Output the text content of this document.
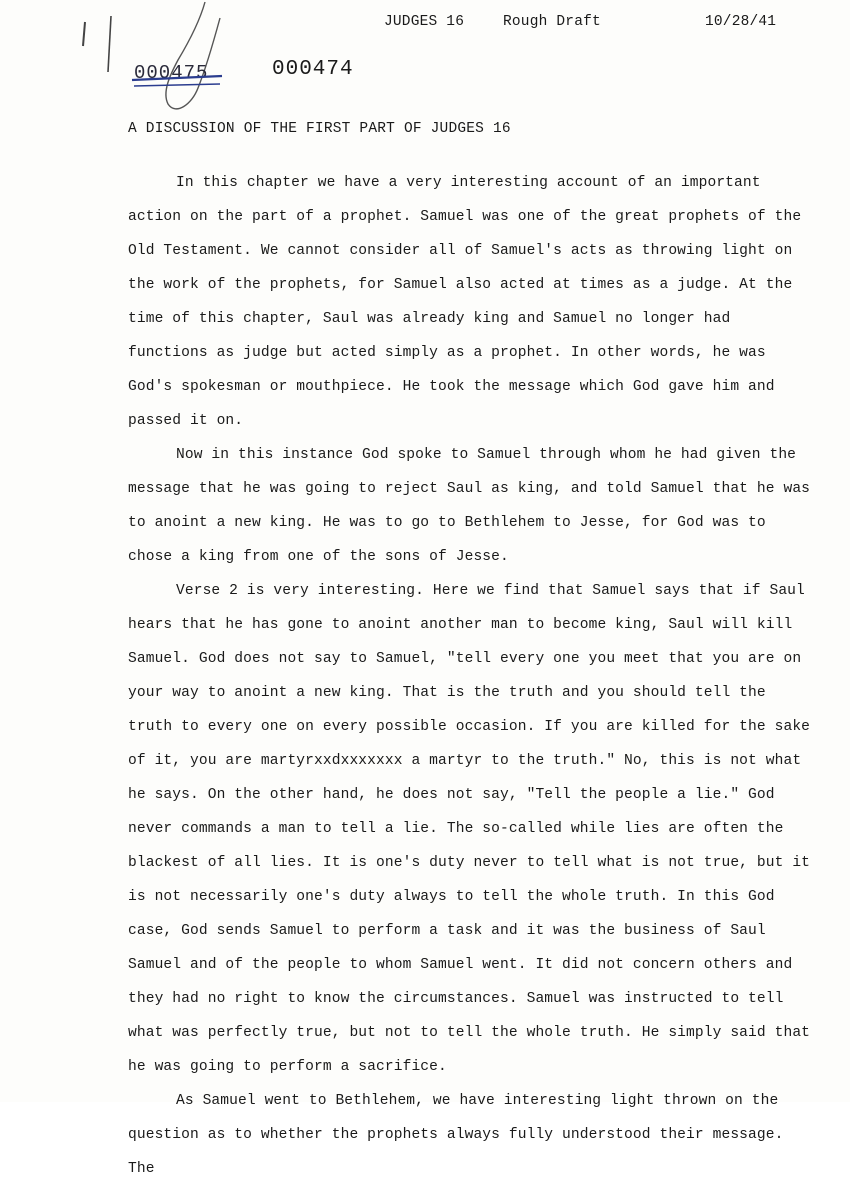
JUDGES 16	Rough Draft	10/28/41
000475	000474
A DISCUSSION OF THE FIRST PART OF JUDGES 16

In this chapter we have a very interesting account of an important action on the part of a prophet. Samuel was one of the great prophets of the Old Testament. We cannot consider all of Samuel's acts as throwing light on the work of the prophets, for Samuel also acted at times as a judge. At the time of this chapter, Saul was already king and Samuel no longer had functions as judge but acted simply as a prophet. In other words, he was God's spokesman or mouthpiece. He took the message which God gave him and passed it on.

Now in this instance God spoke to Samuel through whom he had given the message that he was going to reject Saul as king, and told Samuel that he was to anoint a new king. He was to go to Bethlehem to Jesse, for God was to chose a king from one of the sons of Jesse.

Verse 2 is very interesting. Here we find that Samuel says that if Saul hears that he has gone to anoint another man to become king, Saul will kill Samuel. God does not say to Samuel, "tell every one you meet that you are on your way to anoint a new king. That is the truth and you should tell the truth to every one on every possible occasion. If you are killed for the sake of it, you are martyrxxdxxxxxxx a martyr to the truth." No, this is not what he says. On the other hand, he does not say, "Tell the people a lie." God never commands a man to tell a lie. The so-called while lies are often the blackest of all lies. It is one's duty never to tell what is not true, but it is not necessarily one's duty always to tell the whole truth. In this God case, God sends Samuel to perform a task and it was the business of Saul Samuel and of the people to whom Samuel went. It did not concern others and they had no right to know the circumstances. Samuel was instructed to tell what was perfectly true, but not to tell the whole truth. He simply said that he was going to perform a sacrifice.

As Samuel went to Bethlehem, we have interesting light thrown on the question as to whether the prophets always fully understood their message. The
